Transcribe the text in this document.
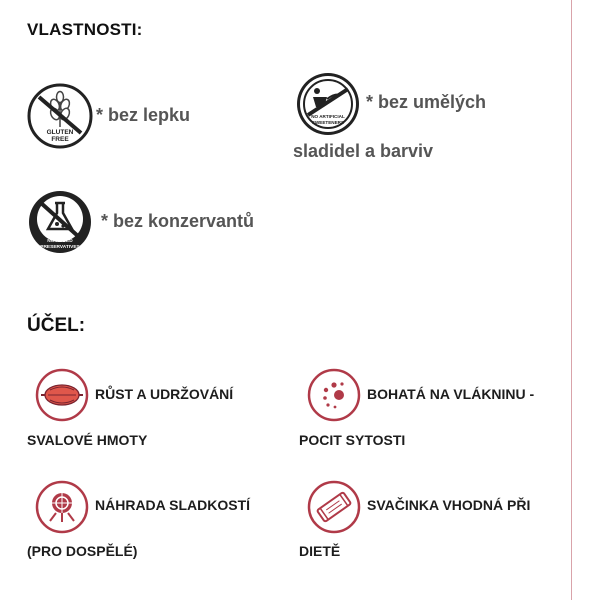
VLASTNOSTI:
GLUTEN
FREE
* bez lepku	NO ARTIFICIAL
SWEETENERS
* bez umělých
sladidel a barviv
NO ADDED
PRESERVATIVES
* bez konzervantů
ÚČEL:
RŮST A UDRŽOVÁNÍ
SVALOVÉ HMOTY
BOHATÁ NA VLÁKNINU -
POCIT SYTOSTI
NÁHRADA SLADKOSTÍ
(PRO DOSPĚLÉ)
SVAČINKA VHODNÁ PŘI
DIETĚ
